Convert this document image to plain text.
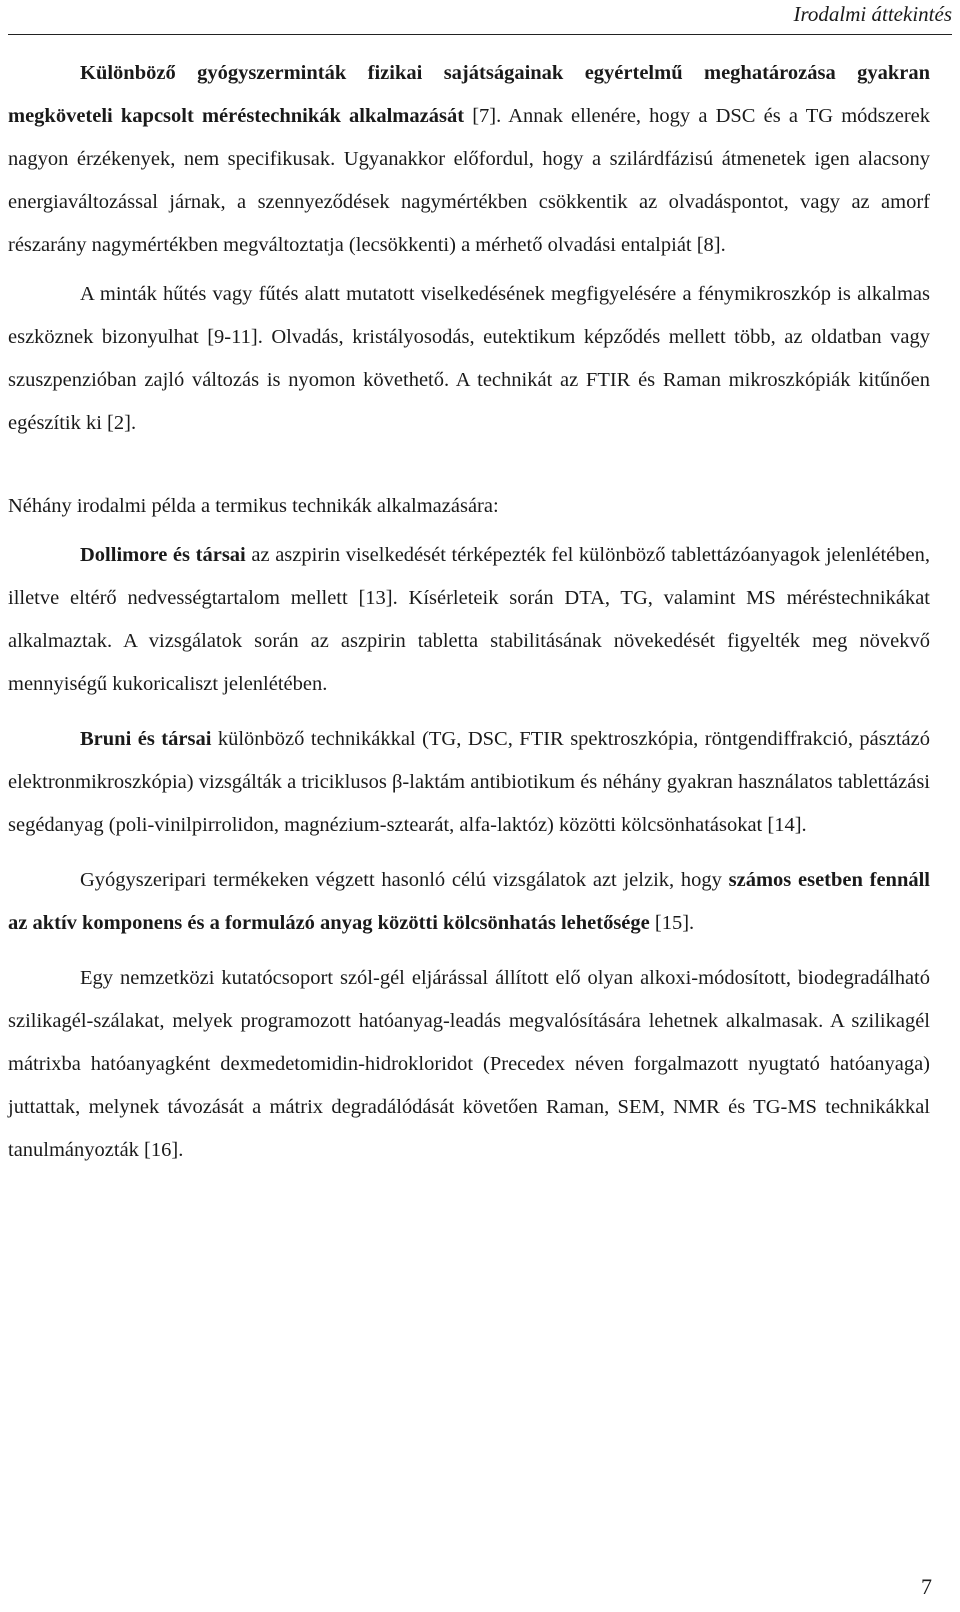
Irodalmi áttekintés

Különböző gyógyszerminták fizikai sajátságainak egyértelmű meghatározása gyakran megköveteli kapcsolt méréstechnikák alkalmazását [7]. Annak ellenére, hogy a DSC és a TG módszerek nagyon érzékenyek, nem specifikusak. Ugyanakkor előfordul, hogy a szilárdfázisú átmenetek igen alacsony energiaváltozással járnak, a szennyeződések nagymértékben csökkentik az olvadáspontot, vagy az amorf részarány nagymértékben megváltoztatja (lecsökkenti) a mérhető olvadási entalpiát [8].

A minták hűtés vagy fűtés alatt mutatott viselkedésének megfigyelésére a fénymikroszkóp is alkalmas eszköznek bizonyulhat [9-11]. Olvadás, kristályosodás, eutektikum képződés mellett több, az oldatban vagy szuszpenzióban zajló változás is nyomon követhető. A technikát az FTIR és Raman mikroszkópiák kitűnően egészítik ki [2].

Néhány irodalmi példa a termikus technikák alkalmazására:

Dollimore és társai az aszpirin viselkedését térképezték fel különböző tablettázóanyagok jelenlétében, illetve eltérő nedvességtartalom mellett [13]. Kísérleteik során DTA, TG, valamint MS méréstechnikákat alkalmaztak. A vizsgálatok során az aszpirin tabletta stabilitásának növekedését figyelték meg növekvő mennyiségű kukoricaliszt jelenlétében.

Bruni és társai különböző technikákkal (TG, DSC, FTIR spektroszkópia, röntgendiffrakció, pásztázó elektronmikroszkópia) vizsgálták a triciklusos β-laktám antibiotikum és néhány gyakran használatos tablettázási segédanyag (poli-vinilpirrolidon, magnézium-sztearát, alfa-laktóz) közötti kölcsönhatásokat [14].

Gyógyszeripari termékeken végzett hasonló célú vizsgálatok azt jelzik, hogy számos esetben fennáll az aktív komponens és a formulázó anyag közötti kölcsönhatás lehetősége [15].

Egy nemzetközi kutatócsoport szól-gél eljárással állított elő olyan alkoxi-módosított, biodegradálható szilikagél-szálakat, melyek programozott hatóanyag-leadás megvalósítására lehetnek alkalmasak. A szilikagél mátrixba hatóanyagként dexmedetomidin-hidrokloridot (Precedex néven forgalmazott nyugtató hatóanyaga) juttattak, melynek távozását a mátrix degradálódását követően Raman, SEM, NMR és TG-MS technikákkal tanulmányozták [16].

7
